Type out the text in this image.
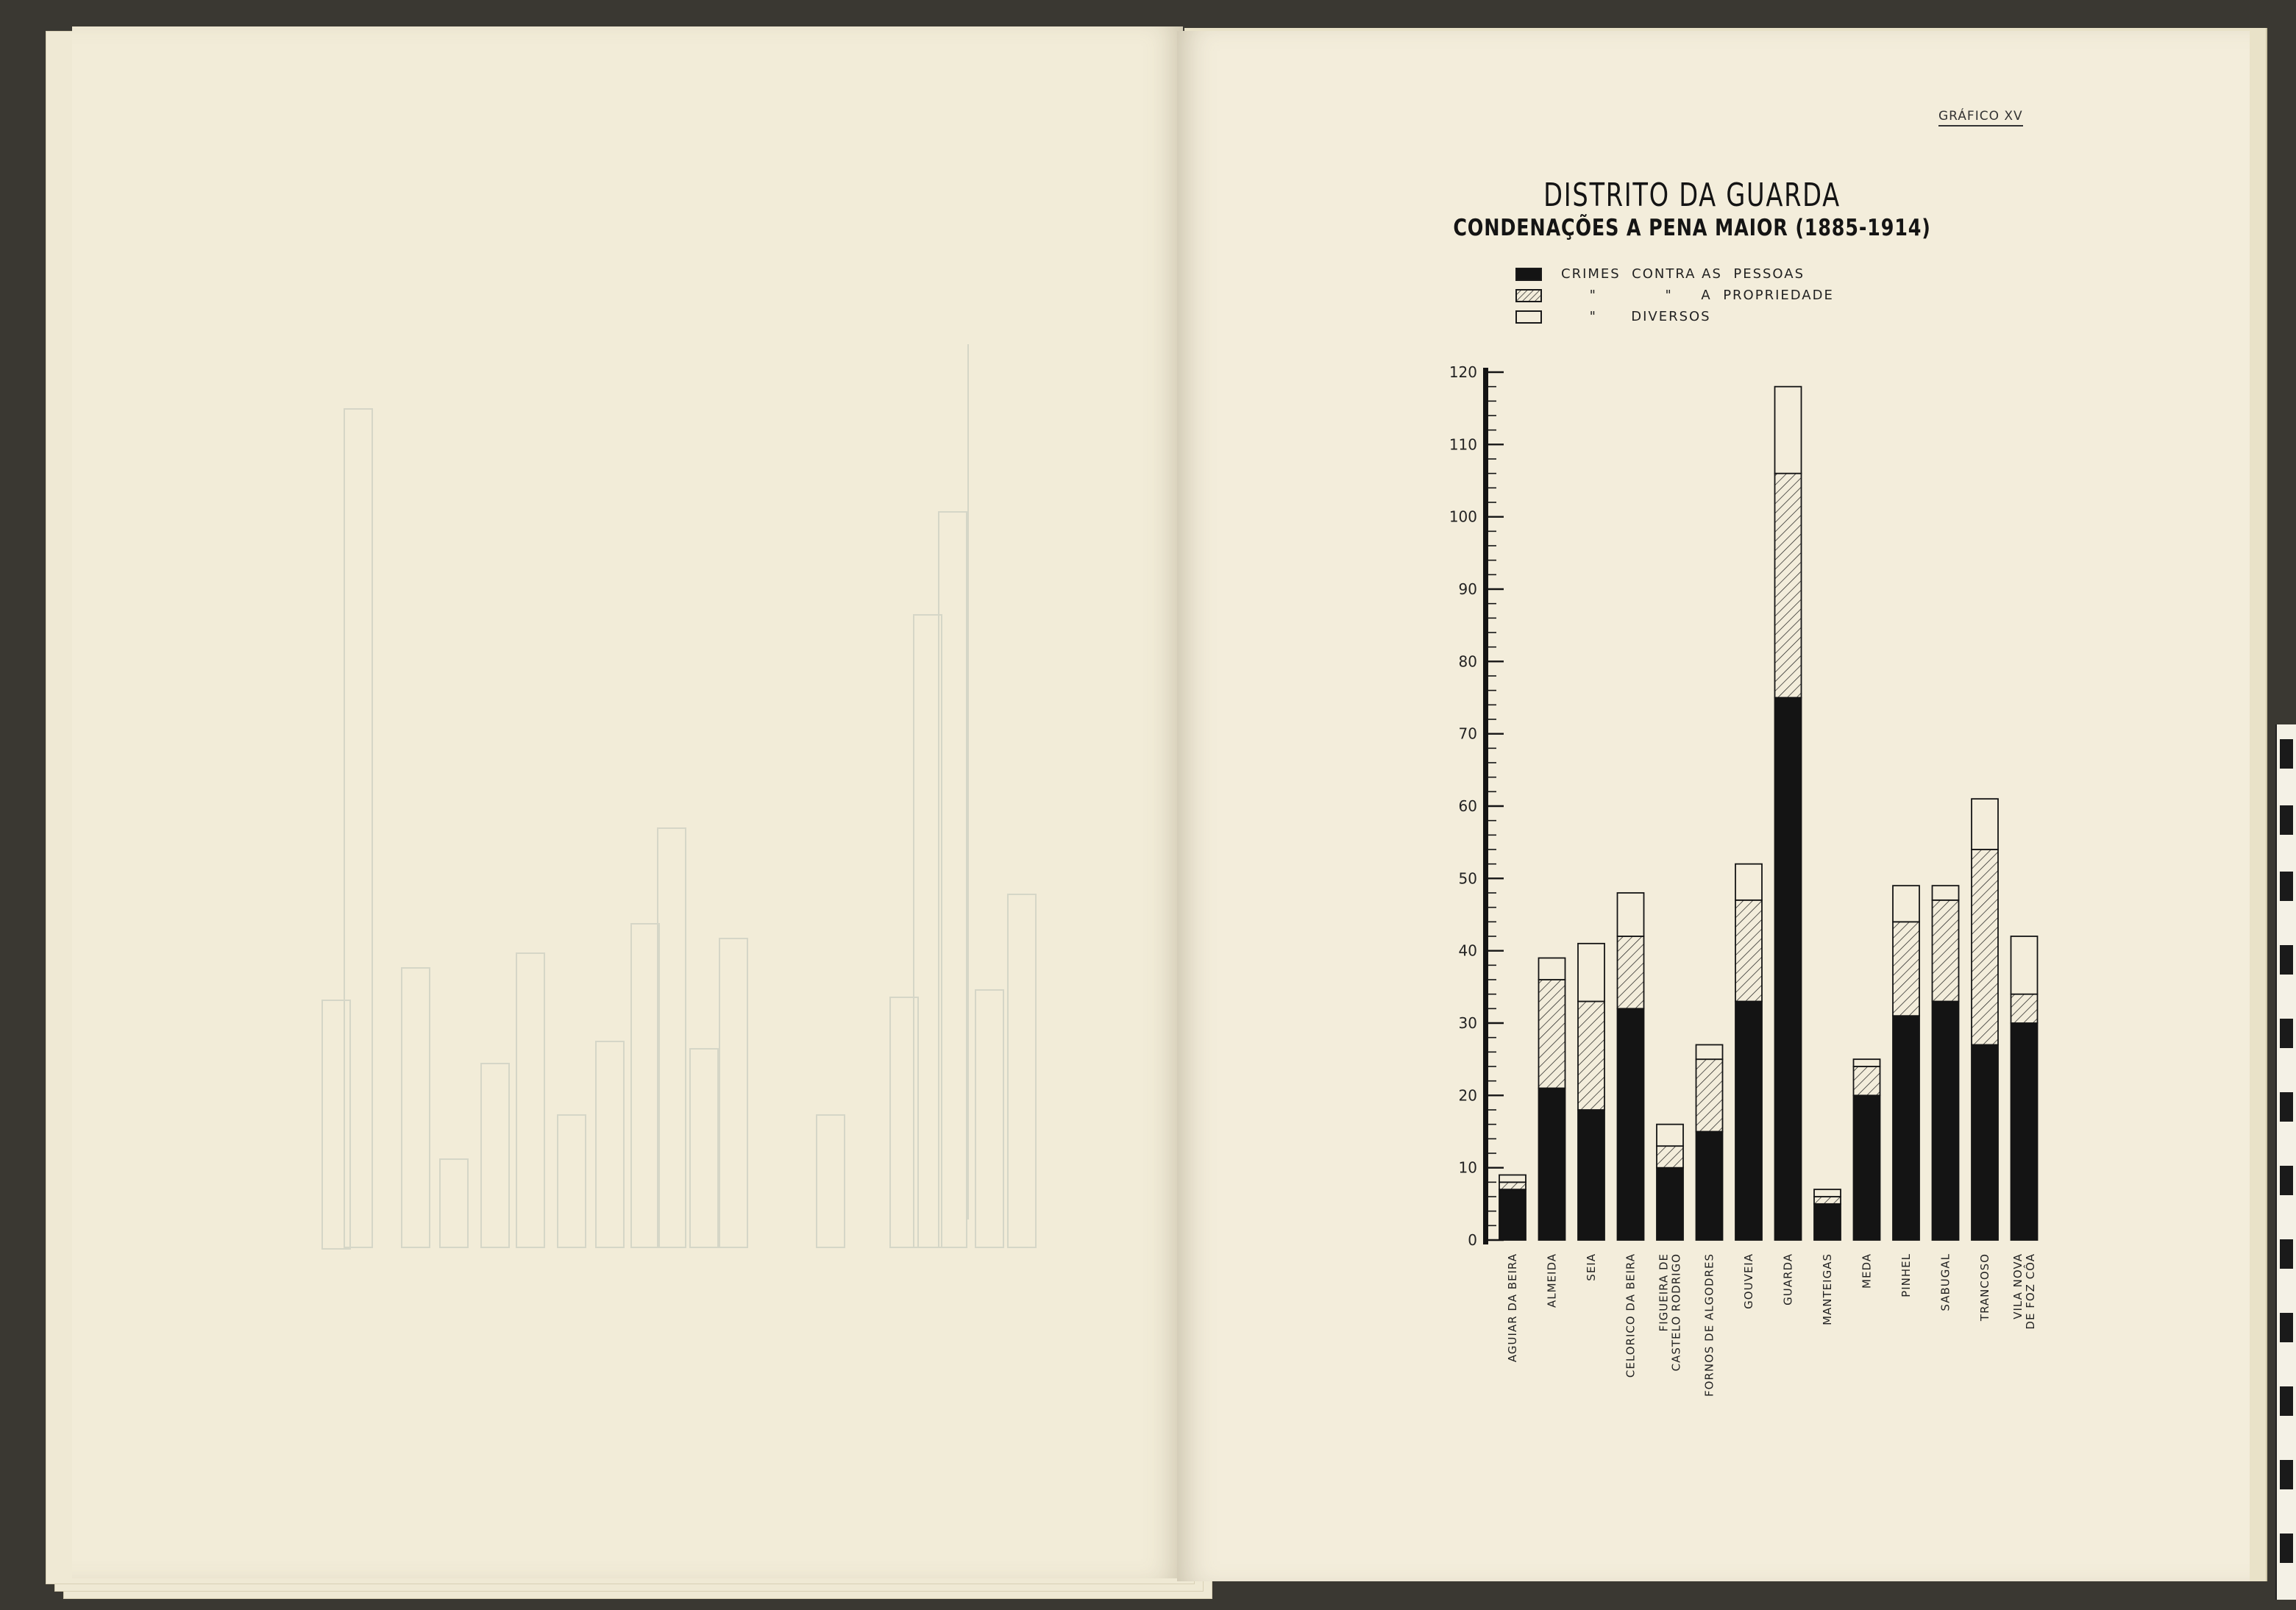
GRÁFICO XV
DISTRITO DA GUARDA
CONDENAÇÕES A PENA MAIOR (1885-1914)
CRIMES  CONTRA AS  PESSOAS
"            "     A  PROPRIEDADE
"      DIVERSOS
0
10
20
30
40
50
60
70
80
90
100
110
120
AGUIAR DA BEIRA ALMEIDA SEIA CELORICO DA BEIRA FIGUEIRA DE CASTELO RODRIGO FORNOS DE ALGODRES GOUVEIA GUARDA MANTEIGAS MEDA PINHEL SABUGAL TRANCOSO VILA NOVA DE FOZ CÔA
